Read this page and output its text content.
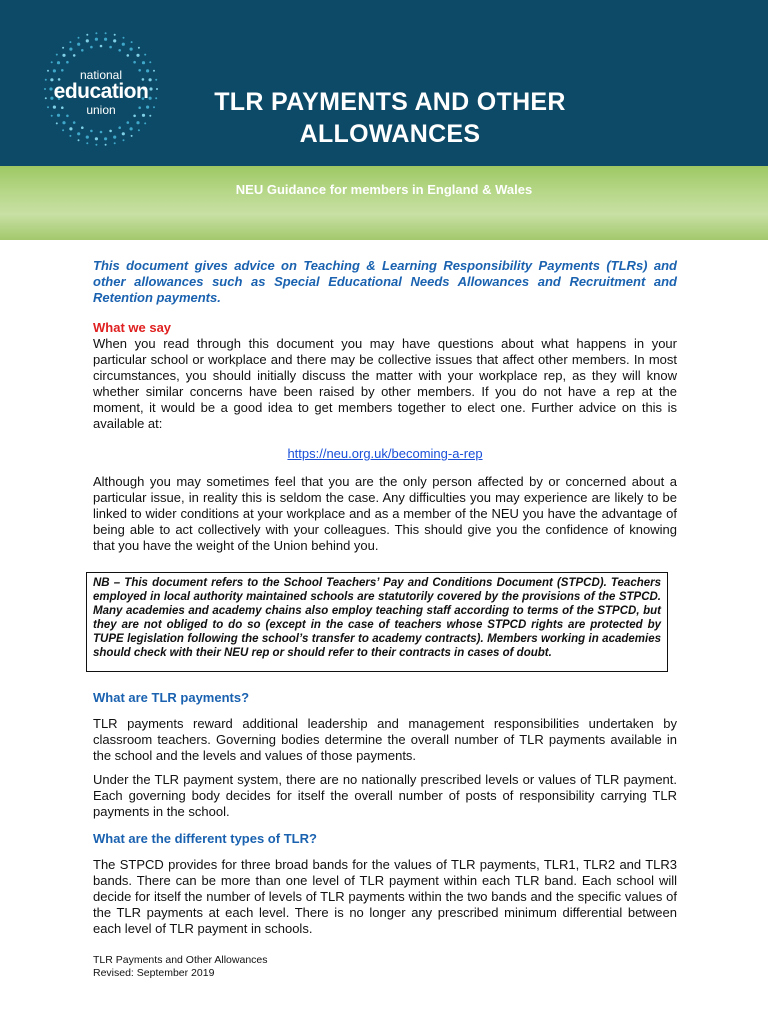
national
education
union	TLR PAYMENTS AND OTHER ALLOWANCES
NEU Guidance for members in England & Wales

This document gives advice on Teaching & Learning Responsibility Payments (TLRs) and other allowances such as Special Educational Needs Allowances and Recruitment and Retention payments.

What we say

When you read through this document you may have questions about what happens in your particular school or workplace and there may be collective issues that affect other members. In most circumstances, you should initially discuss the matter with your workplace rep, as they will know whether similar concerns have been raised by other members. If you do not have a rep at the moment, it would be a good idea to get members together to elect one. Further advice on this is available at:

https://neu.org.uk/becoming-a-rep

Although you may sometimes feel that you are the only person affected by or concerned about a particular issue, in reality this is seldom the case. Any difficulties you may experience are likely to be linked to wider conditions at your workplace and as a member of the NEU you have the advantage of being able to act collectively with your colleagues. This should give you the confidence of knowing that you have the weight of the Union behind you.

NB – This document refers to the School Teachers’ Pay and Conditions Document (STPCD). Teachers employed in local authority maintained schools are statutorily covered by the provisions of the STPCD. Many academies and academy chains also employ teaching staff according to terms of the STPCD, but they are not obliged to do so (except in the case of teachers whose STPCD rights are protected by TUPE legislation following the school’s transfer to academy contracts). Members working in academies should check with their NEU rep or should refer to their contracts in cases of doubt.

What are TLR payments?

TLR payments reward additional leadership and management responsibilities undertaken by classroom teachers. Governing bodies determine the overall number of TLR payments available in the school and the levels and values of those payments.

Under the TLR payment system, there are no nationally prescribed levels or values of TLR payment. Each governing body decides for itself the overall number of posts of responsibility carrying TLR payments in the school.

What are the different types of TLR?

The STPCD provides for three broad bands for the values of TLR payments, TLR1, TLR2 and TLR3 bands. There can be more than one level of TLR payment within each TLR band. Each school will decide for itself the number of levels of TLR payments within the two bands and the specific values of the TLR payments at each level. There is no longer any prescribed minimum differential between each level of TLR payment in schools.

TLR Payments and Other Allowances
Revised: September 2019
